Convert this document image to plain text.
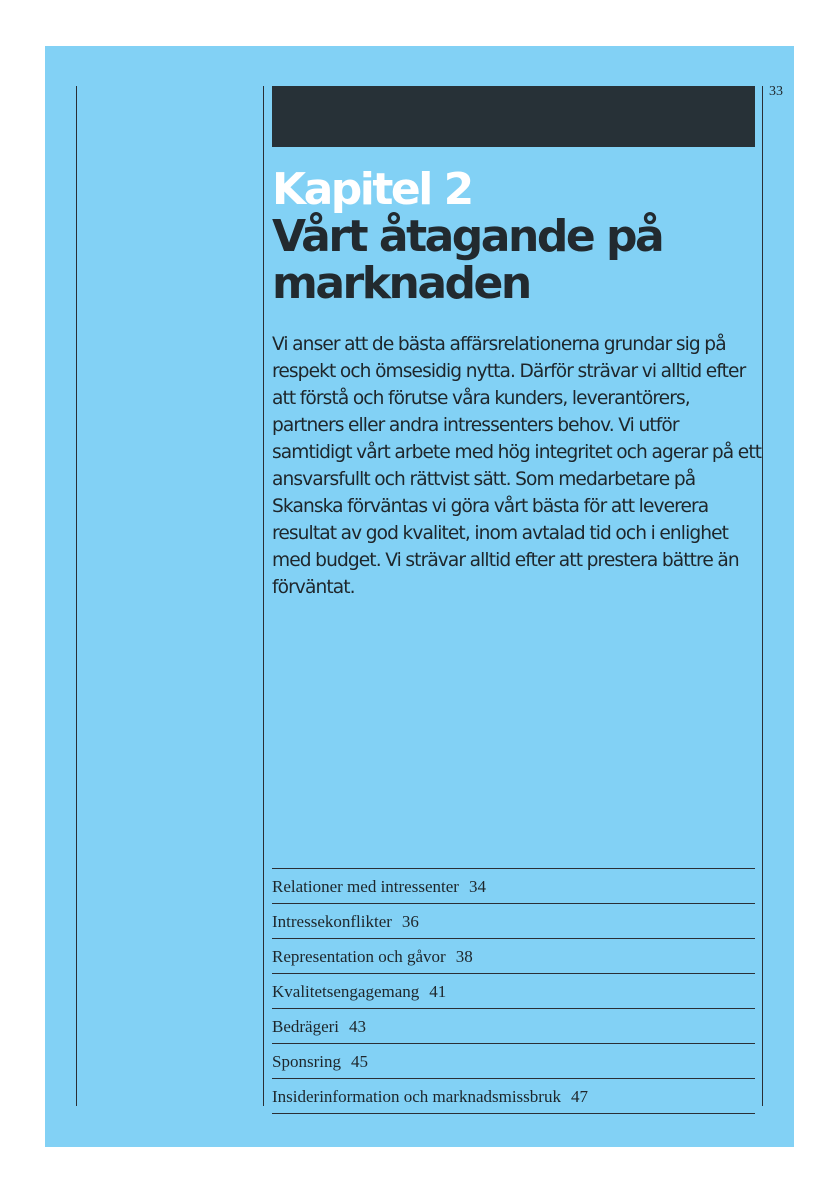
33
Kapitel 2
Vårt åtagande på
marknaden
Vi anser att de bästa affärsrelationerna grundar sig på respekt och ömsesidig nytta. Därför strävar vi alltid efter att förstå och förutse våra kunders, leverantörers, partners eller andra intressenters behov. Vi utför samtidigt vårt arbete med hög integritet och agerar på ett ansvarsfullt och rättvist sätt. Som medarbetare på Skanska förväntas vi göra vårt bästa för att leverera resultat av god kvalitet, inom avtalad tid och i enlighet med budget. Vi strävar alltid efter att prestera bättre än förväntat.
Relationer med intressenter 34
Intressekonflikter 36
Representation och gåvor 38
Kvalitetsengagemang 41
Bedrägeri 43
Sponsring 45
Insiderinformation och marknadsmissbruk 47
